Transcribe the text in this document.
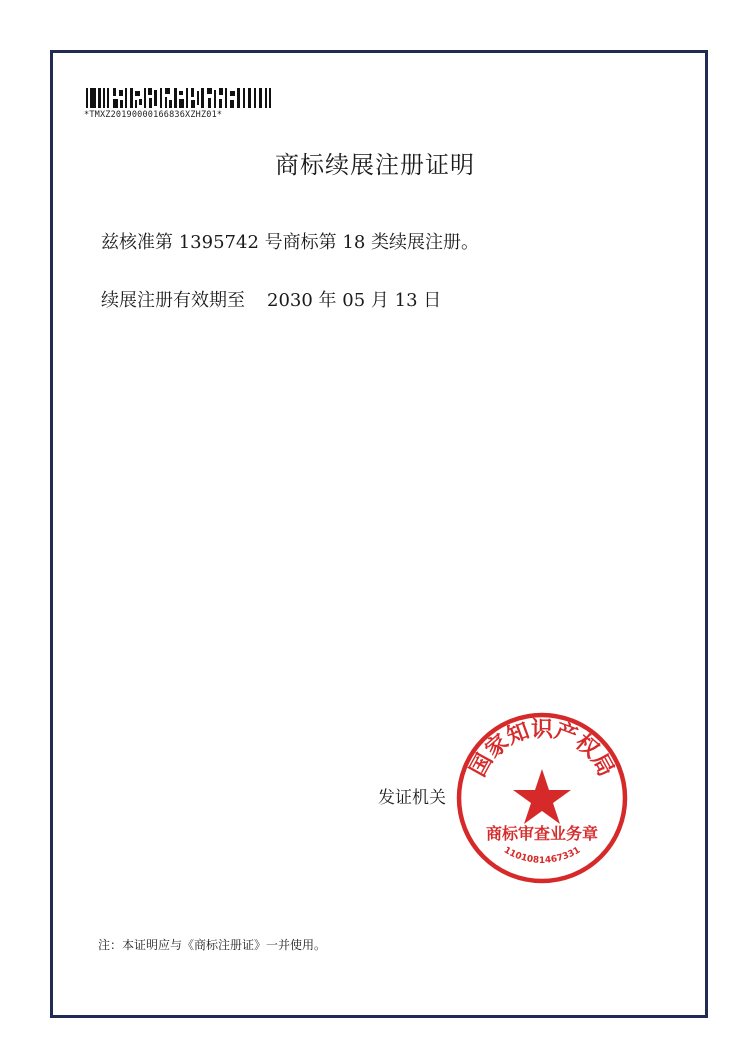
*TMXZ20190000166836XZHZ01*
商标续展注册证明
兹核准第 1395742 号商标第 18 类续展注册。
续展注册有效期至 2030 年 05 月 13 日
发证机关
国家知识产权局
商标审查业务章
1101081467331
注：本证明应与《商标注册证》一并使用。
